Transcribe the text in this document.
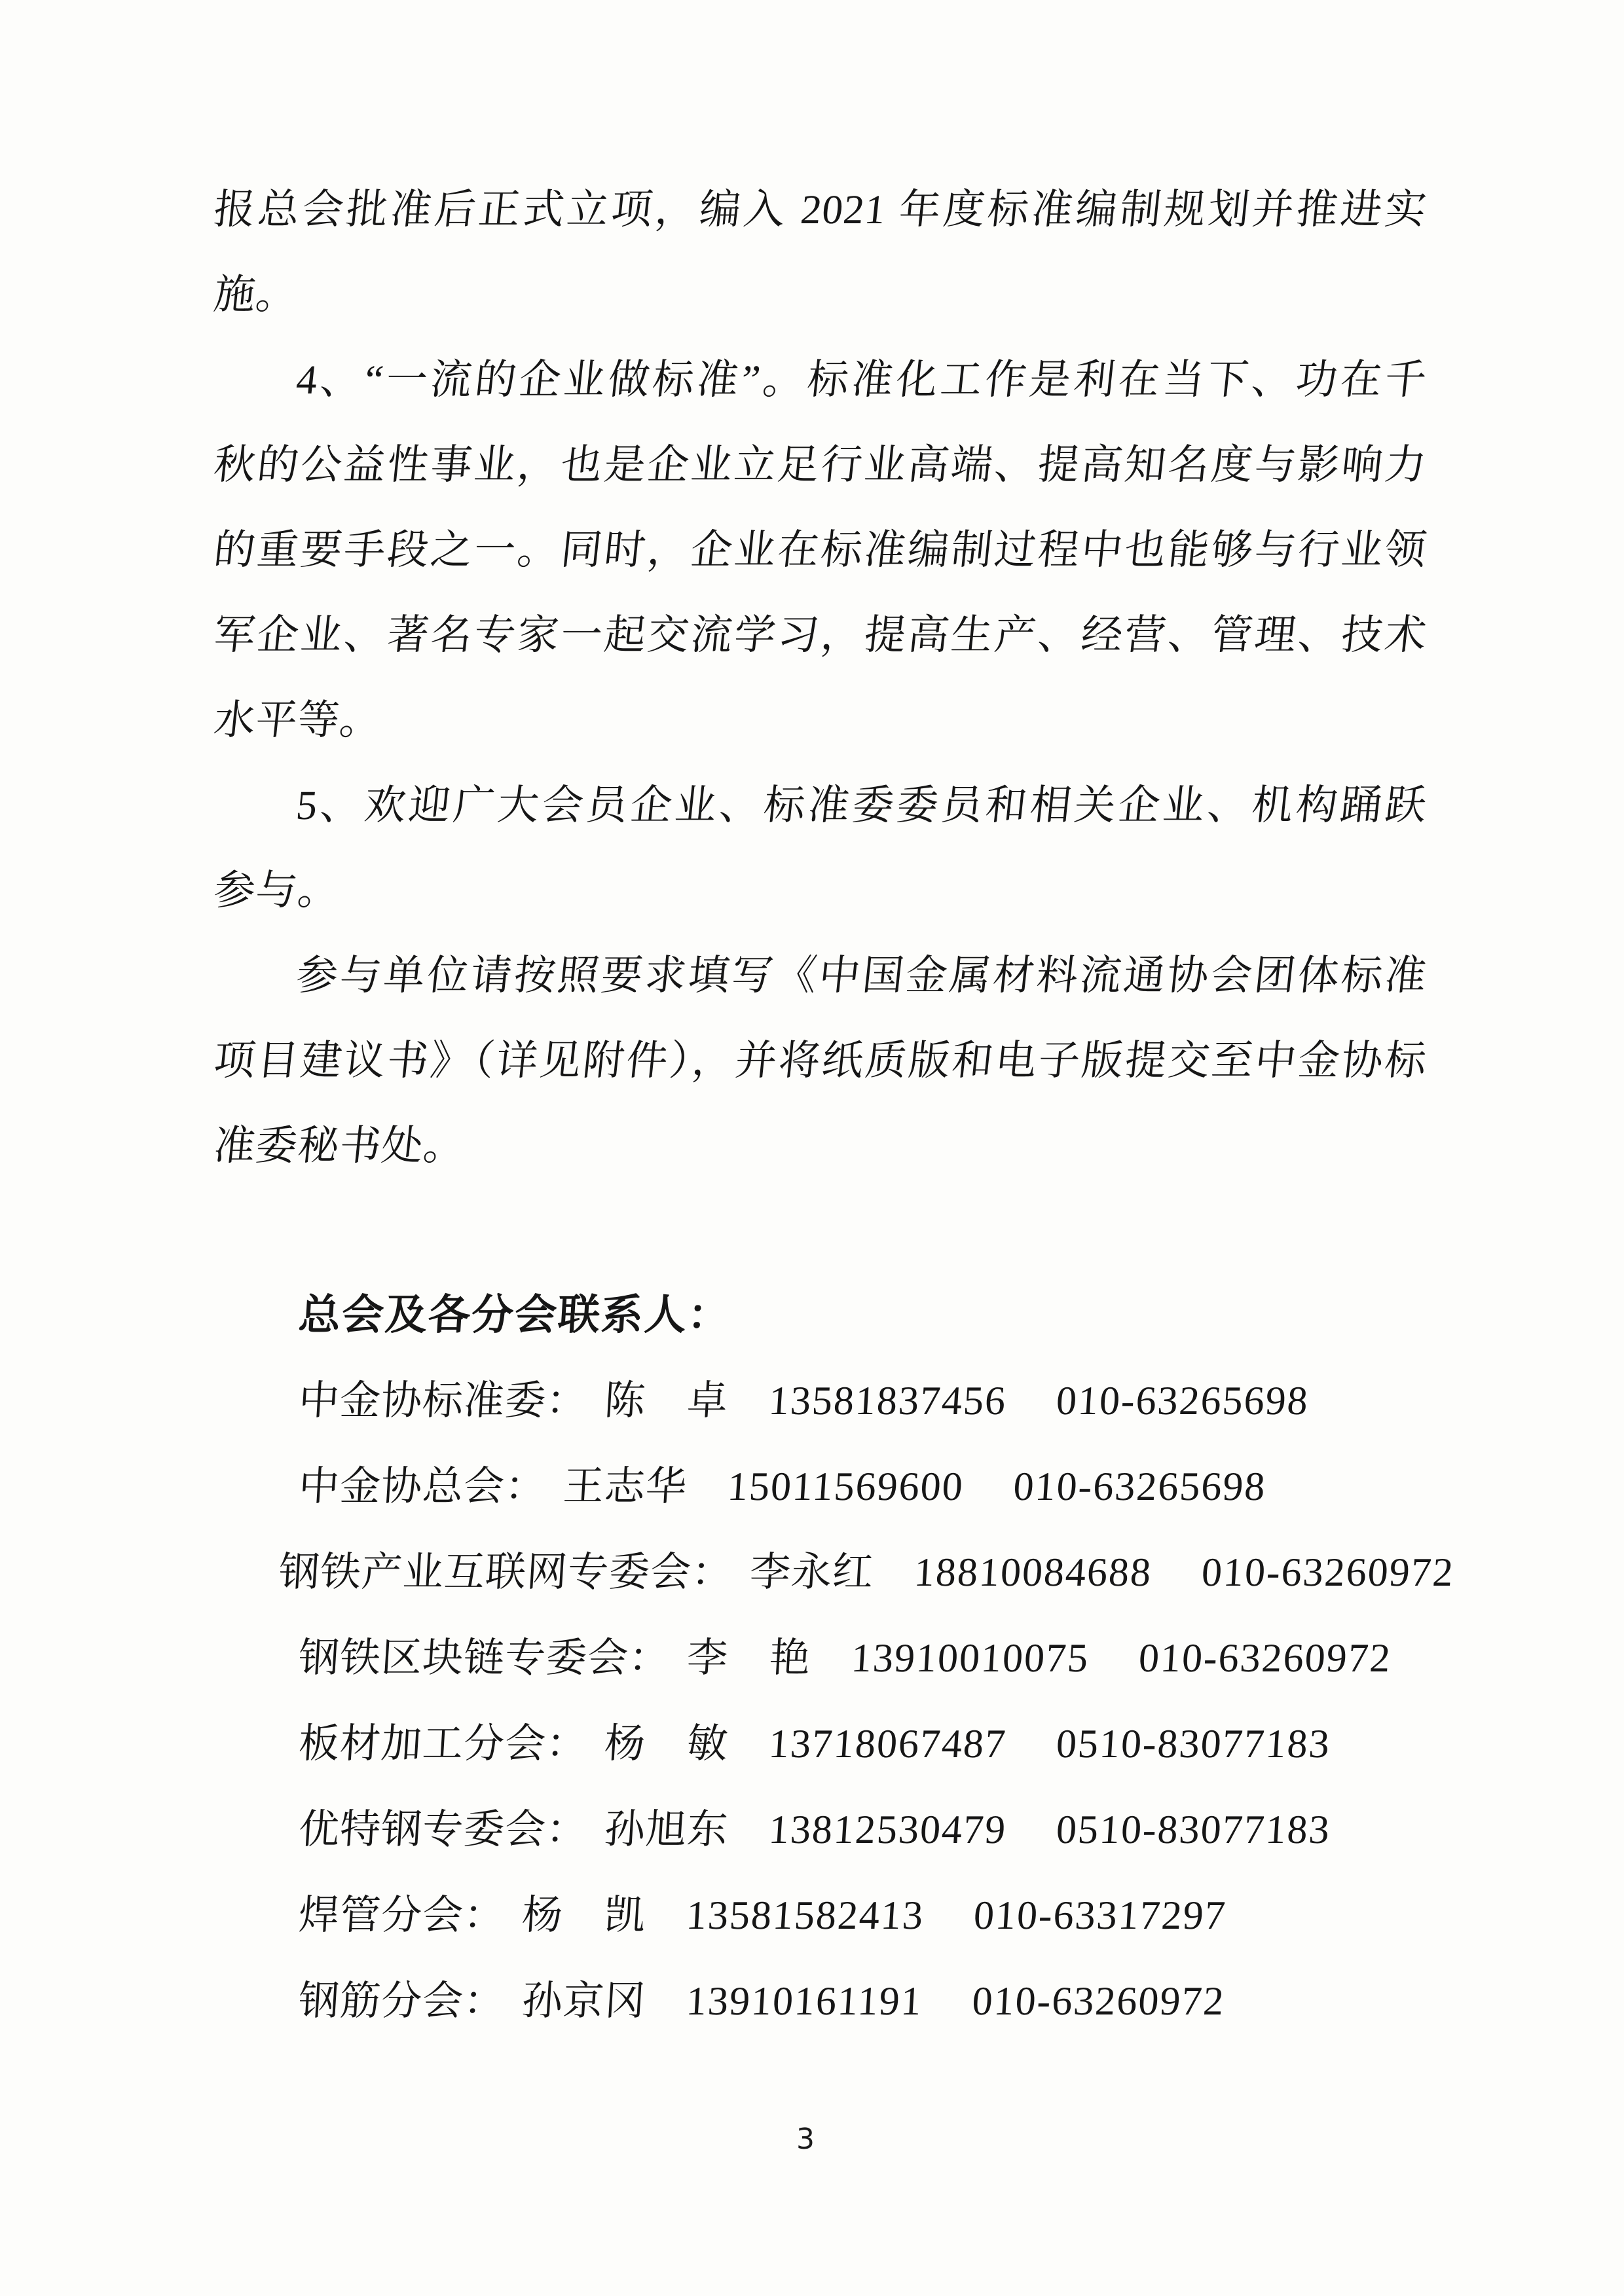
报总会批准后正式立项，编入 2021 年度标准编制规划并推进实
施。
4、“一流的企业做标准”。标准化工作是利在当下、功在千
秋的公益性事业，也是企业立足行业高端、提高知名度与影响力
的重要手段之一。同时，企业在标准编制过程中也能够与行业领
军企业、著名专家一起交流学习，提高生产、经营、管理、技术
水平等。
5、欢迎广大会员企业、标准委委员和相关企业、机构踊跃
参与。
参与单位请按照要求填写《中国金属材料流通协会团体标准
项目建议书》（详见附件），并将纸质版和电子版提交至中金协标
准委秘书处。
总会及各分会联系人：
中金协标准委： 陈　卓 13581837456 010-63265698
中金协总会： 王志华 15011569600 010-63265698
钢铁产业互联网专委会： 李永红 18810084688 010-63260972
钢铁区块链专委会： 李　艳 13910010075 010-63260972
板材加工分会： 杨　敏 13718067487 0510-83077183
优特钢专委会： 孙旭东 13812530479 0510-83077183
焊管分会： 杨　凯 13581582413 010-63317297
钢筋分会： 孙京冈 13910161191 010-63260972
3
